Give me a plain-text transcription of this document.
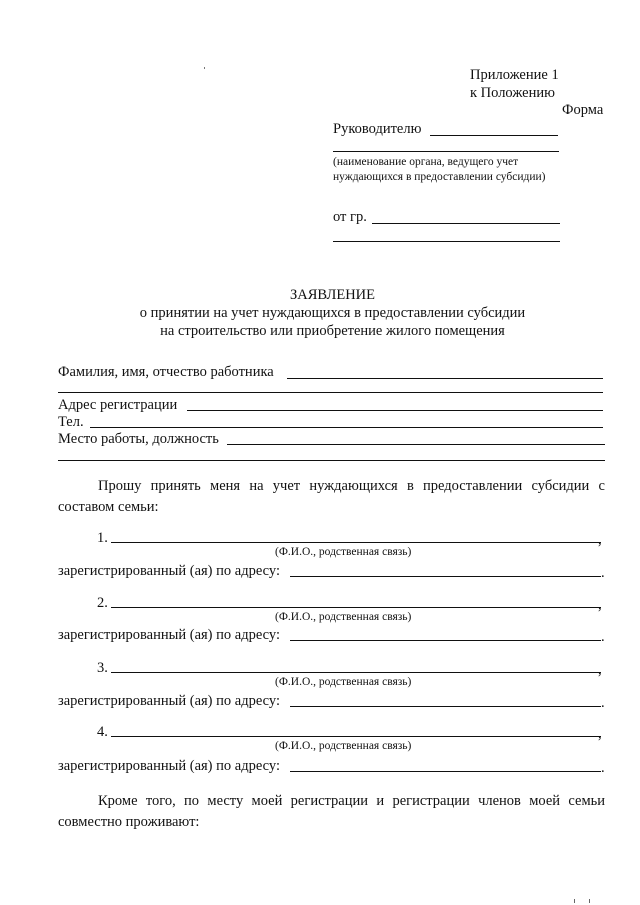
Приложение 1
к Положению
Форма
Руководителю
(наименование органа, ведущего учет
нуждающихся в предоставлении субсидии)
от гр.
ЗАЯВЛЕНИЕ
о принятии на учет нуждающихся в предоставлении субсидии
на строительство или приобретение жилого помещения
Фамилия, имя, отчество работника
Адрес регистрации
Тел.
Место работы, должность
Прошу принять меня на учет нуждающихся в предоставлении субсидии с составом семьи:
1.	,
(Ф.И.О., родственная связь)
зарегистрированный (ая) по адресу:	.
2.	,
(Ф.И.О., родственная связь)
зарегистрированный (ая) по адресу:	.
3.	,
(Ф.И.О., родственная связь)
зарегистрированный (ая) по адресу:	.
4.	,
(Ф.И.О., родственная связь)
зарегистрированный (ая) по адресу:	.
Кроме того, по месту моей регистрации и регистрации членов моей семьи совместно проживают:
